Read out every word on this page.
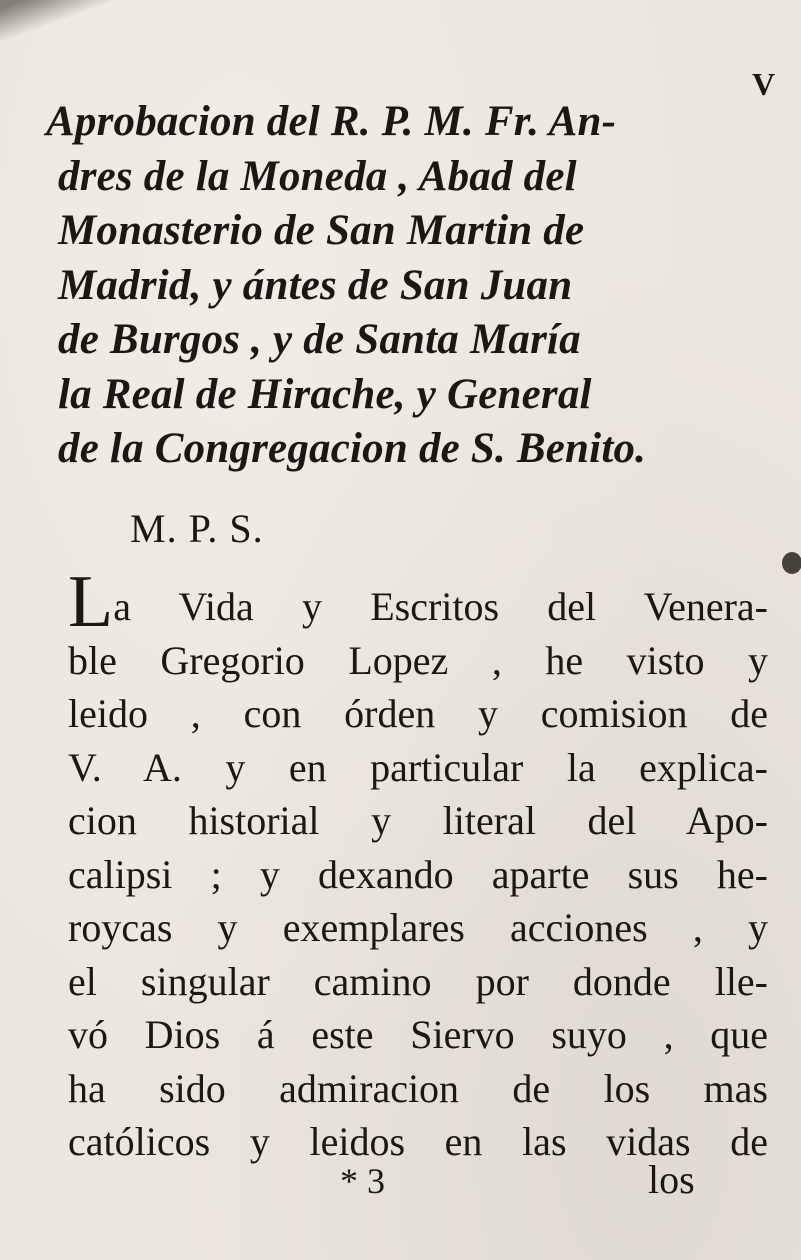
V
Aprobacion del R. P. M. Fr. An-
dres de la Moneda , Abad del
Monasterio de San Martin de
Madrid, y ántes de San Juan
de Burgos , y de Santa María
la Real de Hirache, y General
de la Congregacion de S. Benito.
M. P. S.
La Vida y Escritos del Venera-
ble Gregorio Lopez , he visto y
leido , con órden y comision de
V. A. y en particular la explica-
cion historial y literal del Apo-
calipsi ; y dexando aparte sus he-
roycas y exemplares acciones , y
el singular camino por donde lle-
vó Dios á este Siervo suyo , que
ha sido admiracion de los mas
católicos y leidos en las vidas de
* 3	los
